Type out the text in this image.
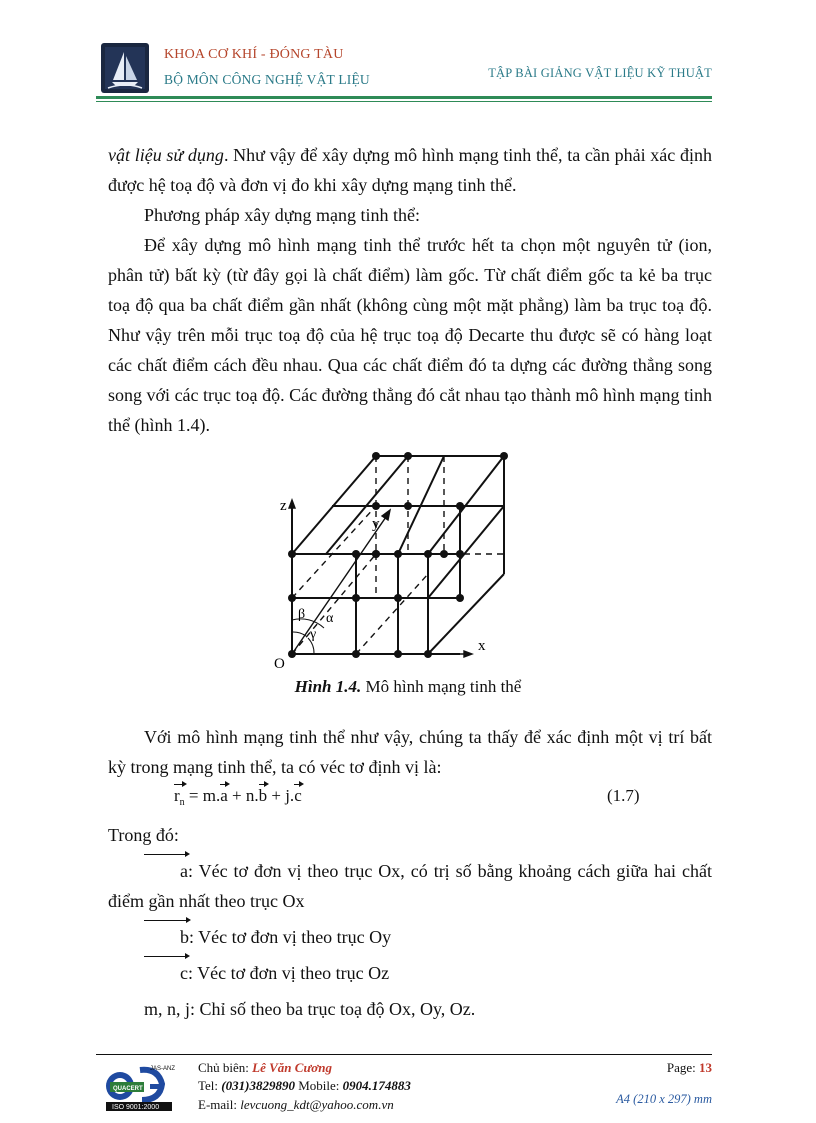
KHOA CƠ KHÍ - ĐÓNG TÀU
BỘ MÔN CÔNG NGHỆ VẬT LIỆU	TẬP BÀI GIẢNG VẬT LIỆU KỸ THUẬT

vật liệu sử dụng. Như vậy để xây dựng mô hình mạng tinh thể, ta cần phải xác định được hệ toạ độ và đơn vị đo khi xây dựng mạng tinh thể.

Phương pháp xây dựng mạng tinh thể:

Để xây dựng mô hình mạng tinh thể trước hết ta chọn một nguyên tử (ion, phân tử) bất kỳ (từ đây gọi là chất điểm) làm gốc. Từ chất điểm gốc ta kẻ ba trục toạ độ qua ba chất điểm gần nhất (không cùng một mặt phẳng) làm ba trục toạ độ. Như vậy trên mỗi trục toạ độ của hệ trục toạ độ Decarte thu được sẽ có hàng loạt các chất điểm cách đều nhau. Qua các chất điểm đó ta dựng các đường thẳng song song với các trục toạ độ. Các đường thẳng đó cắt nhau tạo thành mô hình mạng tinh thể (hình 1.4).

z
y
x
O
α
β
γ
Hình 1.4. Mô hình mạng tinh thể

Với mô hình mạng tinh thể như vậy, chúng ta thấy để xác định một vị trí bất kỳ trong mạng tinh thể, ta có véc tơ định vị là:

$r_n = m.a + n.b + j.c$	(1.7)

Trong đó:

a: Véc tơ đơn vị theo trục Ox, có trị số bằng khoảng cách giữa hai chất điểm gần nhất theo trục Ox

b: Véc tơ đơn vị theo trục Oy

c: Véc tơ đơn vị theo trục Oz

m, n, j: Chỉ số theo ba trục toạ độ Ox, Oy, Oz.

JAS-ANZ
QUACERT
ISO 9001:2000
Chủ biên: Lê Văn Cương
Tel: (031)3829890 Mobile: 0904.174883
E-mail: levcuong_kdt@yahoo.com.vn
Page: 13
A4 (210 x 297) mm
